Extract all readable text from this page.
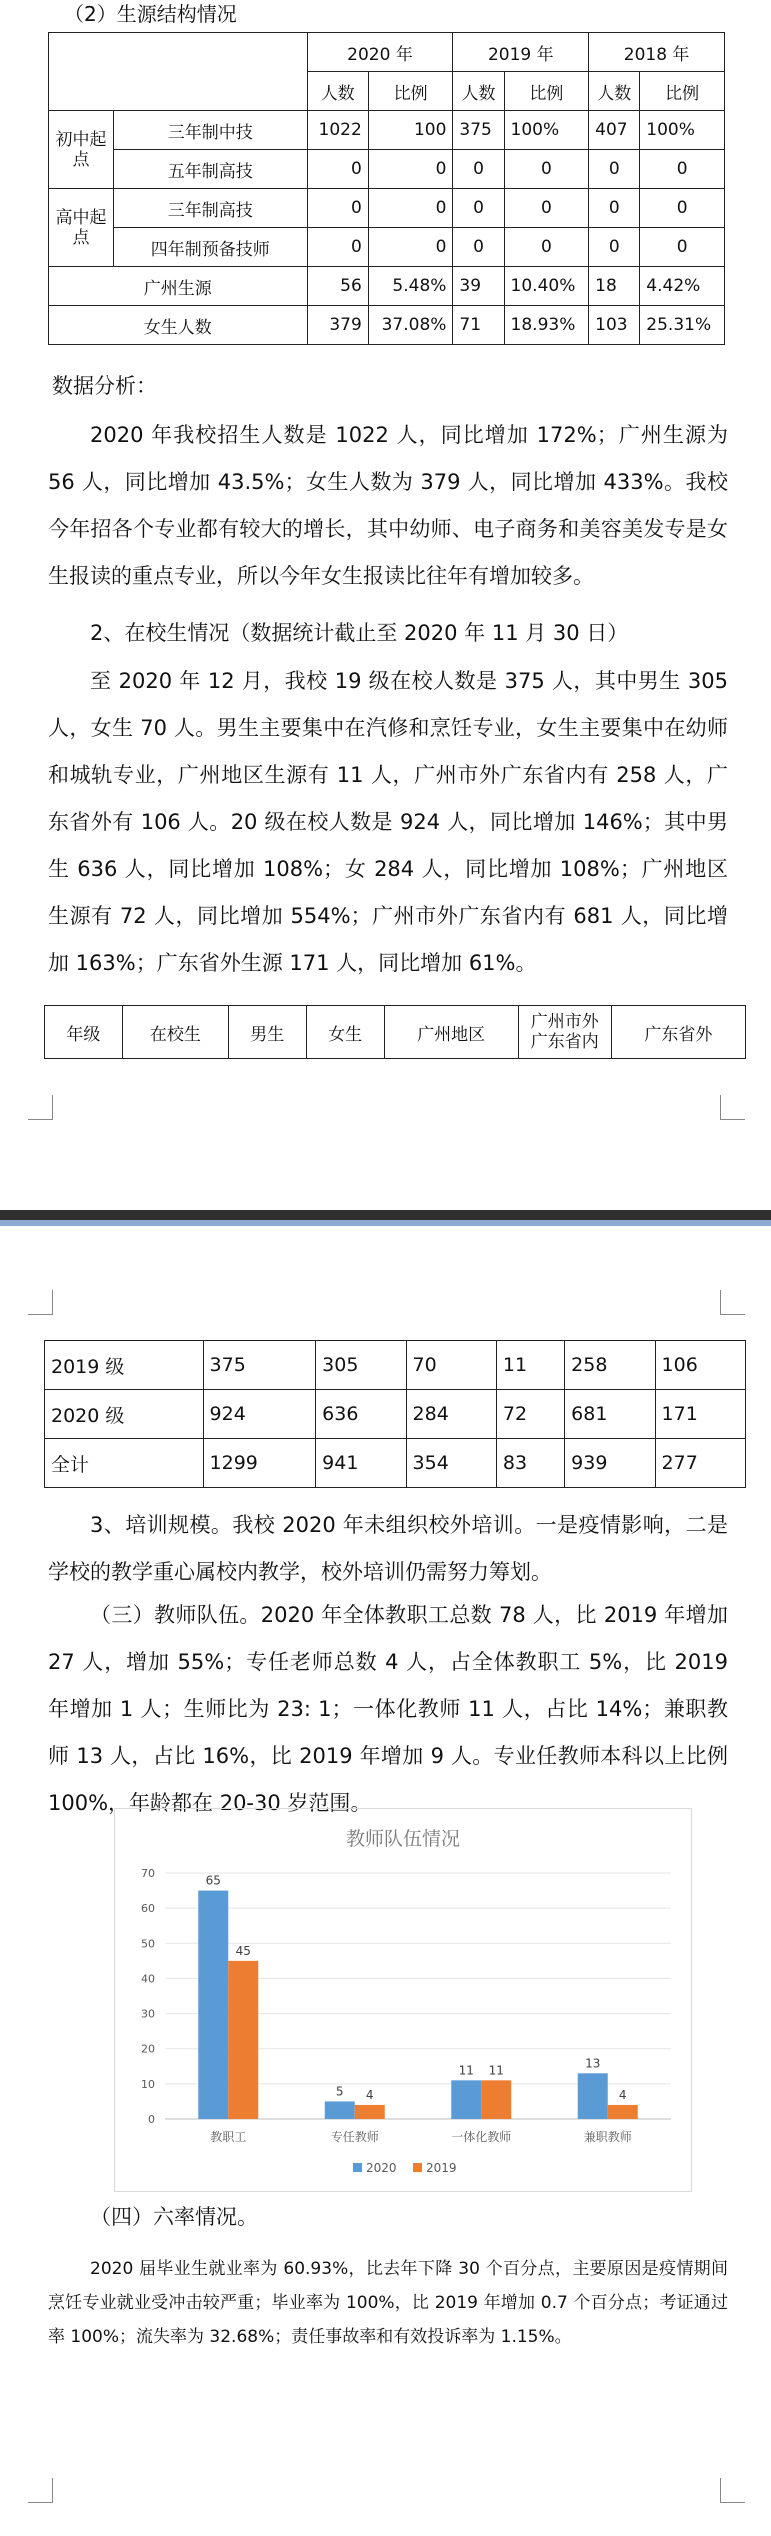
（2）生源结构情况
		2020 年		2019 年		2018 年	
		人数	比例	人数	比例	人数	比例
初中起点	三年制中技	1022	100	375	100%	407	100%
	五年制高技	0	0	0	0	0	0
高中起点	三年制高技	0	0	0	0	0	0
	四年制预备技师	0	0	0	0	0	0
广州生源		56	5.48%	39	10.40%	18	4.42%
女生人数		379	37.08%	71	18.93%	103	25.31%
数据分析：
2020 年我校招生人数是 1022 人，同比增加 172%；广州生源为 56 人，同比增加 43.5%；女生人数为 379 人，同比增加 433%。我校今年招各个专业都有较大的增长，其中幼师、电子商务和美容美发专是女生报读的重点专业，所以今年女生报读比往年有增加较多。
2、在校生情况（数据统计截止至 2020 年 11 月 30 日）
至 2020 年 12 月，我校 19 级在校人数是 375 人，其中男生 305 人，女生 70 人。男生主要集中在汽修和烹饪专业，女生主要集中在幼师和城轨专业，广州地区生源有 11 人，广州市外广东省内有 258 人，广东省外有 106 人。20 级在校人数是 924 人，同比增加 146%；其中男生 636 人，同比增加 108%；女 284 人，同比增加 108%；广州地区生源有 72 人，同比增加 554%；广州市外广东省内有 681 人，同比增加 163%；广东省外生源 171 人，同比增加 61%。
年级	在校生	男生	女生	广州地区	广州市外广东省内	广东省外
2019 级	375	305	70	11	258	106
2020 级	924	636	284	72	681	171
全计	1299	941	354	83	939	277
3、培训规模。我校 2020 年未组织校外培训。一是疫情影响，二是学校的教学重心属校内教学，校外培训仍需努力筹划。
（三）教师队伍。2020 年全体教职工总数 78 人，比 2019 年增加 27 人，增加 55%；专任老师总数 4 人，占全体教职工 5%，比 2019 年增加 1 人；生师比为 23: 1；一体化教师 11 人，占比 14%；兼职教师 13 人，占比 16%，比 2019 年增加 9 人。专业任教师本科以上比例 100%，年龄都在 20-30 岁范围。
教师队伍情况
0
10
20
30
40
50
60
70
65
45
教职工
5 4
专任教师
11 11
一体化教师
13
4
兼职教师
2020 2019
（四）六率情况。
2020 届毕业生就业率为 60.93%，比去年下降 30 个百分点，主要原因是疫情期间烹饪专业就业受冲击较严重；毕业率为 100%，比 2019 年增加 0.7 个百分点；考证通过率 100%；流失率为 32.68%；责任事故率和有效投诉率为 1.15%。
